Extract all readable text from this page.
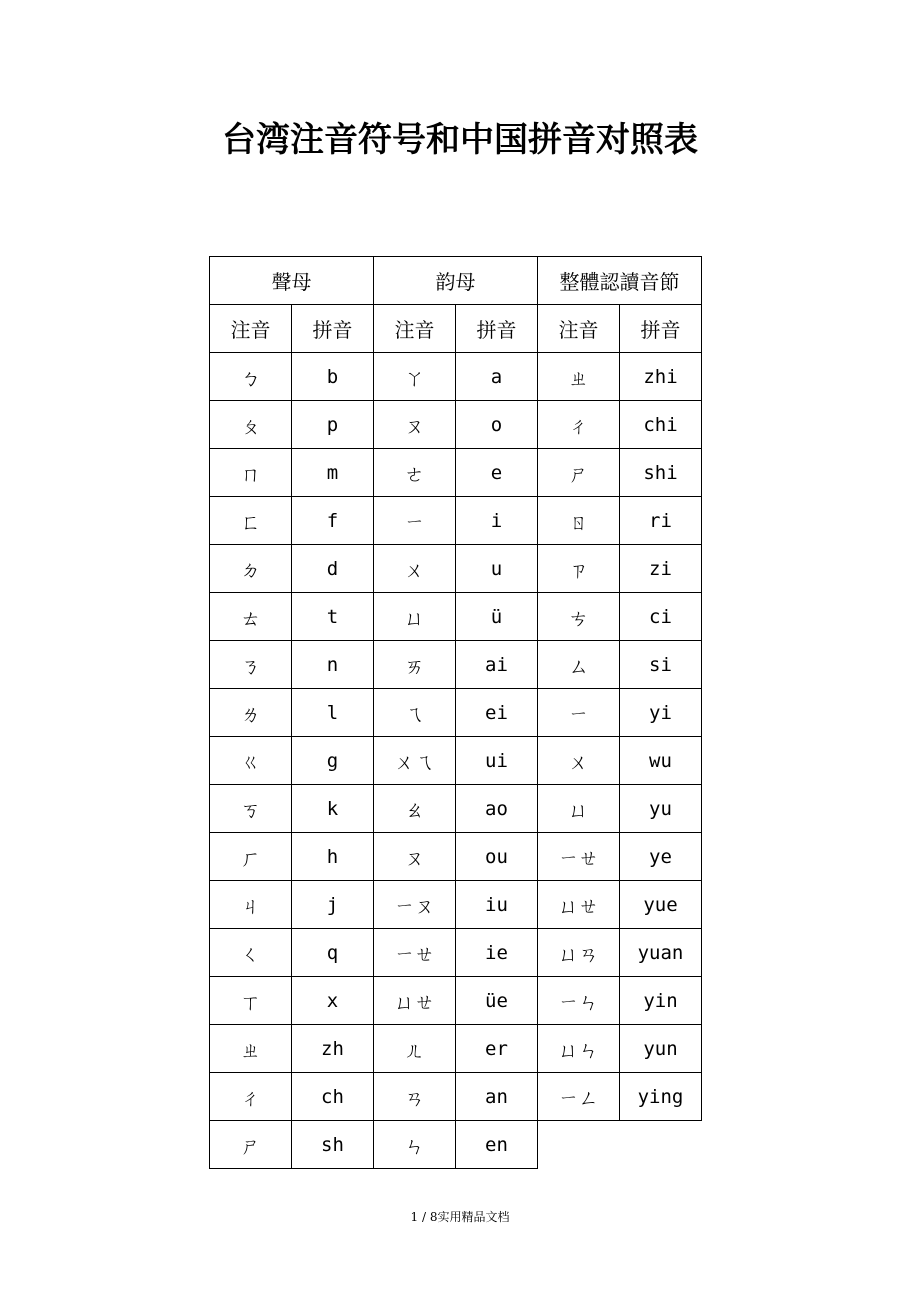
台湾注音符号和中国拼音对照表
聲母		韵母		整體認讀音節	
注音	拼音	注音	拼音	注音	拼音
ㄅ	b	ㄚ	a	ㄓ	zhi
ㄆ	p	ㄡ	o	ㄔ	chi
ㄇ	m	ㄜ	e	ㄕ	shi
ㄈ	f	ㄧ	i	ㄖ	ri
ㄉ	d	ㄨ	u	ㄗ	zi
ㄊ	t	ㄩ	ü	ㄘ	ci
ㄋ	n	ㄞ	ai	ㄙ	si
ㄌ	l	ㄟ	ei	ㄧ	yi
ㄍ	g	ㄨㄟ	ui	ㄨ	wu
ㄎ	k	ㄠ	ao	ㄩ	yu
ㄏ	h	ㄡ	ou	ㄧㄝ	ye
ㄐ	j	ㄧㄡ	iu	ㄩㄝ	yue
ㄑ	q	ㄧㄝ	ie	ㄩㄢ	yuan
ㄒ	x	ㄩㄝ	üe	ㄧㄣ	yin
ㄓ	zh	ㄦ	er	ㄩㄣ	yun
ㄔ	ch	ㄢ	an	ㄧㄥ	ying
ㄕ	sh	ㄣ	en		
1 / 8实用精品文档
